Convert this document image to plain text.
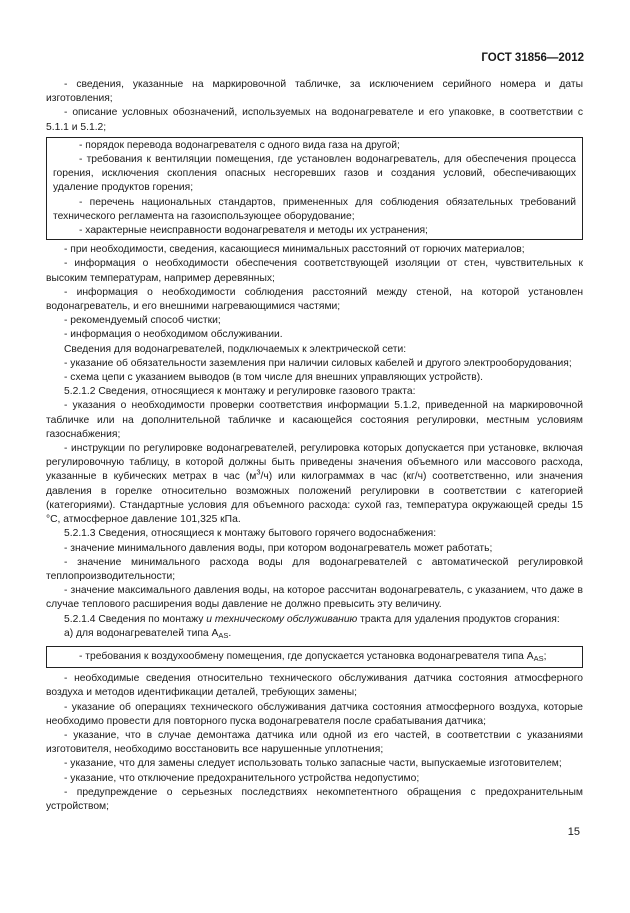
ГОСТ 31856—2012

- сведения, указанные на маркировочной табличке, за исключением серийного номера и даты изготовления;

- описание условных обозначений, используемых на водонагревателе и его упаковке, в соответствии с 5.1.1 и 5.1.2;

- порядок перевода водонагревателя с одного вида газа на другой;

- требования к вентиляции помещения, где установлен водонагреватель, для обеспечения процесса горения, исключения скопления опасных несгоревших газов и создания условий, обеспечивающих удаление продуктов горения;

- перечень национальных стандартов, примененных для соблюдения обязательных требований технического регламента на газоиспользующее оборудование;

- характерные неисправности водонагревателя и методы их устранения;

- при необходимости, сведения, касающиеся минимальных расстояний от горючих материалов;

- информация о необходимости обеспечения соответствующей изоляции от стен, чувствительных к высоким температурам, например деревянных;

- информация о необходимости соблюдения расстояний между стеной, на которой установлен водонагреватель, и его внешними нагревающимися частями;

- рекомендуемый способ чистки;

- информация о необходимом обслуживании.

Сведения для водонагревателей, подключаемых к электрической сети:

- указание об обязательности заземления при наличии силовых кабелей и другого электрооборудования;

- схема цепи с указанием выводов (в том числе для внешних управляющих устройств).

5.2.1.2 Сведения, относящиеся к монтажу и регулировке газового тракта:

- указания о необходимости проверки соответствия информации 5.1.2, приведенной на маркировочной табличке или на дополнительной табличке и касающейся состояния регулировки, местным условиям газоснабжения;

- инструкции по регулировке водонагревателей, регулировка которых допускается при установке, включая регулировочную таблицу, в которой должны быть приведены значения объемного или массового расхода, указанные в кубических метрах в час $(м^3/ч)$ или килограммах в час (кг/ч) соответственно, или значения давления в горелке относительно возможных положений регулировки в соответствии с категорией (категориями). Стандартные условия для объемного расхода: сухой газ, температура окружающей среды 15 °С, атмосферное давление 101,325 кПа.

5.2.1.3 Сведения, относящиеся к монтажу бытового горячего водоснабжения:

- значение минимального давления воды, при котором водонагреватель может работать;

- значение минимального расхода воды для водонагревателей с автоматической регулировкой теплопроизводительности;

- значение максимального давления воды, на которое рассчитан водонагреватель, с указанием, что даже в случае теплового расширения воды давление не должно превысить эту величину.

5.2.1.4 Сведения по монтажу и техническому обслуживанию тракта для удаления продуктов сгорания:

а) для водонагревателей типа $A_{AS}$.

- требования к воздухообмену помещения, где допускается установка водонагревателя типа $A_{AS}$;

- необходимые сведения относительно технического обслуживания датчика состояния атмосферного воздуха и методов идентификации деталей, требующих замены;

- указание об операциях технического обслуживания датчика состояния атмосферного воздуха, которые необходимо провести для повторного пуска водонагревателя после срабатывания датчика;

- указание, что в случае демонтажа датчика или одной из его частей, в соответствии с указаниями изготовителя, необходимо восстановить все нарушенные уплотнения;

- указание, что для замены следует использовать только запасные части, выпускаемые изготовителем;

- указание, что отключение предохранительного устройства недопустимо;

- предупреждение о серьезных последствиях некомпетентного обращения с предохранительным устройством;

15
